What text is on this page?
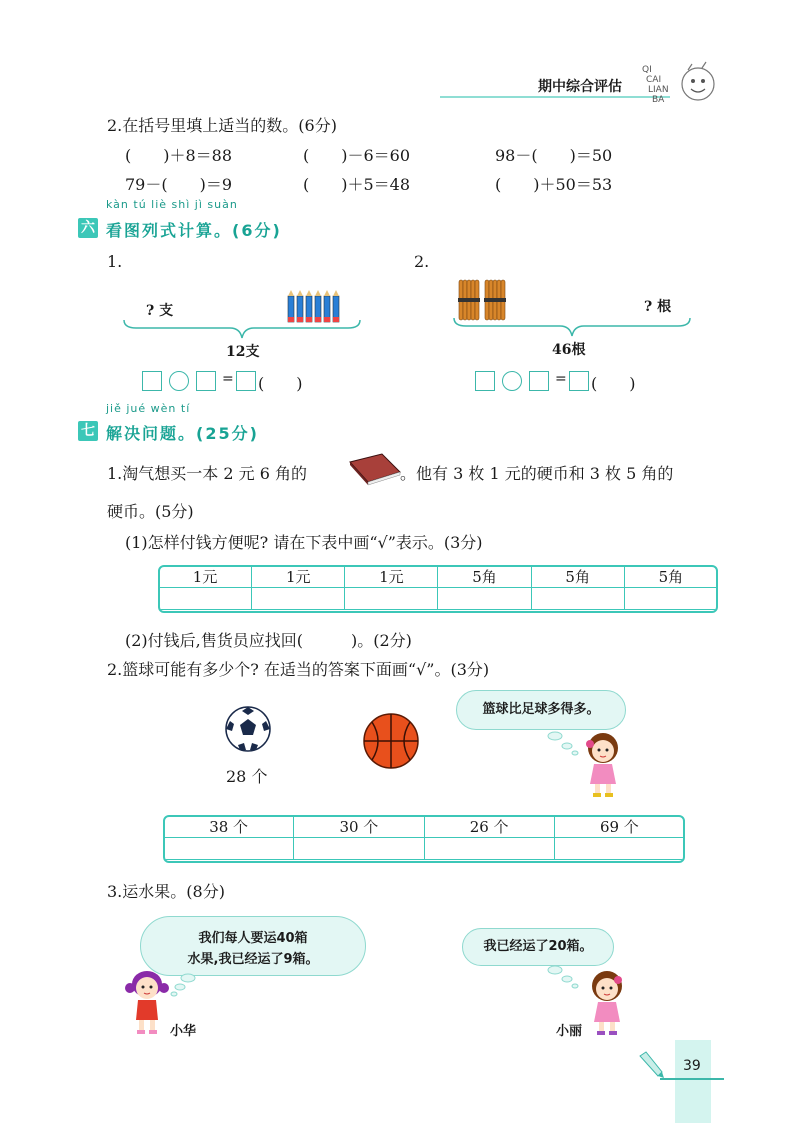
期中综合评估
QI
CAI
LIAN
BA
2.在括号里填上适当的数。(6分)
(　　)＋8＝88	(　　)－6＝60	98－(　　)＝50
79－(　　)＝9	(　　)＋5＝48	(　　)＋50＝53
kàn tú liè shì jì suàn
六 看图列式计算。(6分)
1.	2.
? 支
12支
= (　　)
? 根
46根
= (　　)
jiě jué wèn tí
七 解决问题。(25分)
1.淘气想买一本 2 元 6 角的	。他有 3 枚 1 元的硬币和 3 枚 5 角的
硬币。(5分)
(1)怎样付钱方便呢? 请在下表中画“√”表示。(3分)
1元	1元	1元	5角	5角	5角

(2)付钱后,售货员应找回(　　　)。(2分)
2.篮球可能有多少个? 在适当的答案下面画“√”。(3分)
28 个
篮球比足球多得多。
38 个	30 个	26 个	69 个

3.运水果。(8分)
我们每人要运40箱
水果,我已经运了9箱。
小华
我已经运了20箱。
小丽
39
